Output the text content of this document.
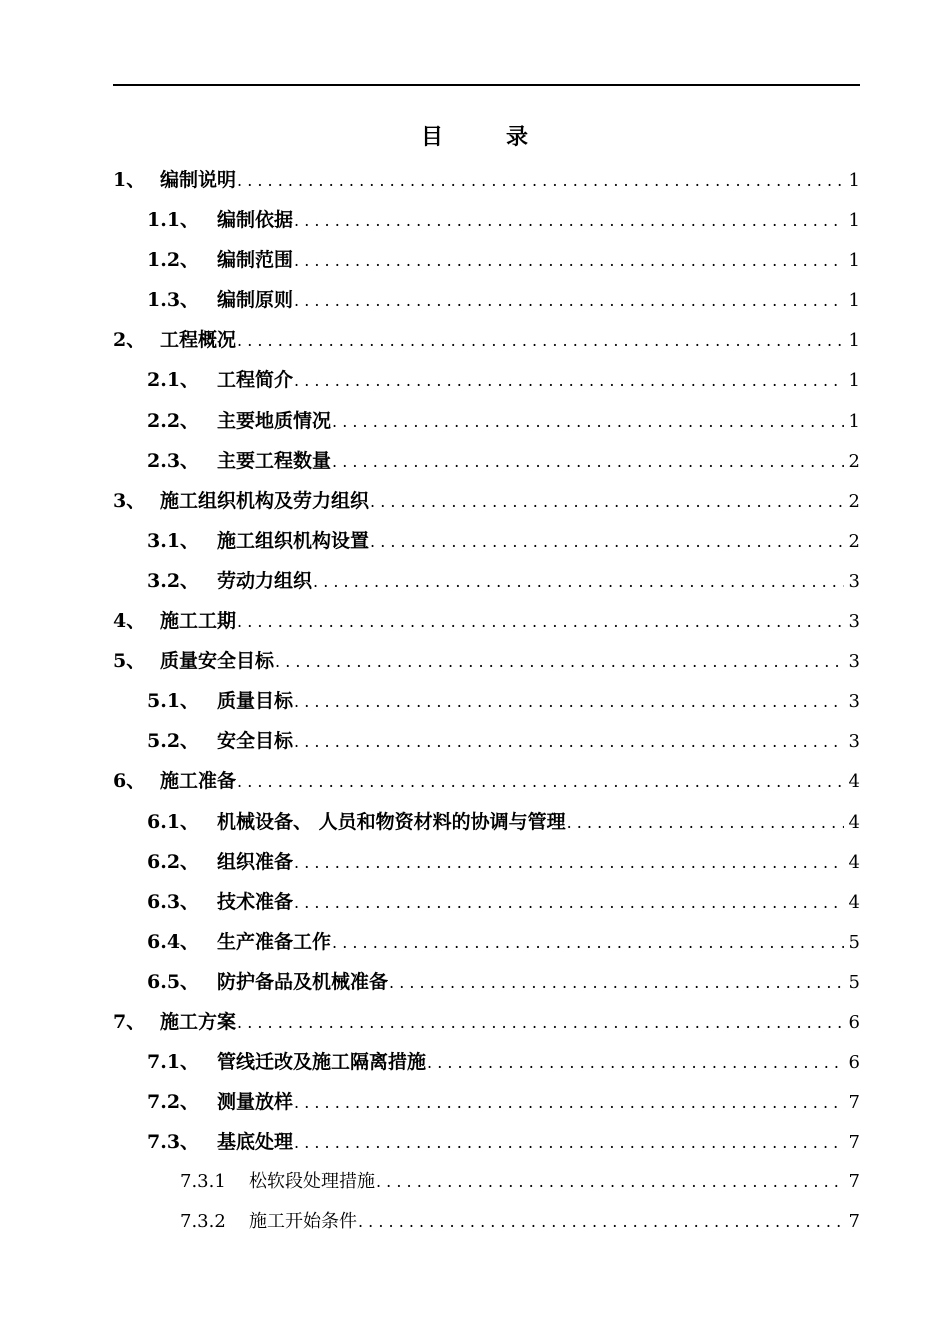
目	录
1、 编制说明 . . .	1
1.1、 编制依据 . . .	1
1.2、 编制范围 . . .	1
1.3、 编制原则 . . .	1
2、 工程概况 . . .	1
2.1、 工程简介 . . .	1
2.2、 主要地质情况 . . .	1
2.3、 主要工程数量 . . .	2
3、 施工组织机构及劳力组织 . . .	2
3.1、 施工组织机构设置 . . .	2
3.2、 劳动力组织 . . .	3
4、 施工工期 . . .	3
5、 质量安全目标 . . .	3
5.1、 质量目标 . . .	3
5.2、 安全目标 . . .	3
6、 施工准备 . . .	4
6.1、 机械设备、 人员和物资材料的协调与管理 . . .	4
6.2、 组织准备 . . .	4
6.3、 技术准备 . . .	4
6.4、 生产准备工作 . . .	5
6.5、 防护备品及机械准备 . . .	5
7、 施工方案 . . .	6
7.1、 管线迁改及施工隔离措施 . . .	6
7.2、 测量放样 . . .	7
7.3、 基底处理 . . .	7
7.3.1	松软段处理措施 . . .	7
7.3.2	施工开始条件 . . .	7
